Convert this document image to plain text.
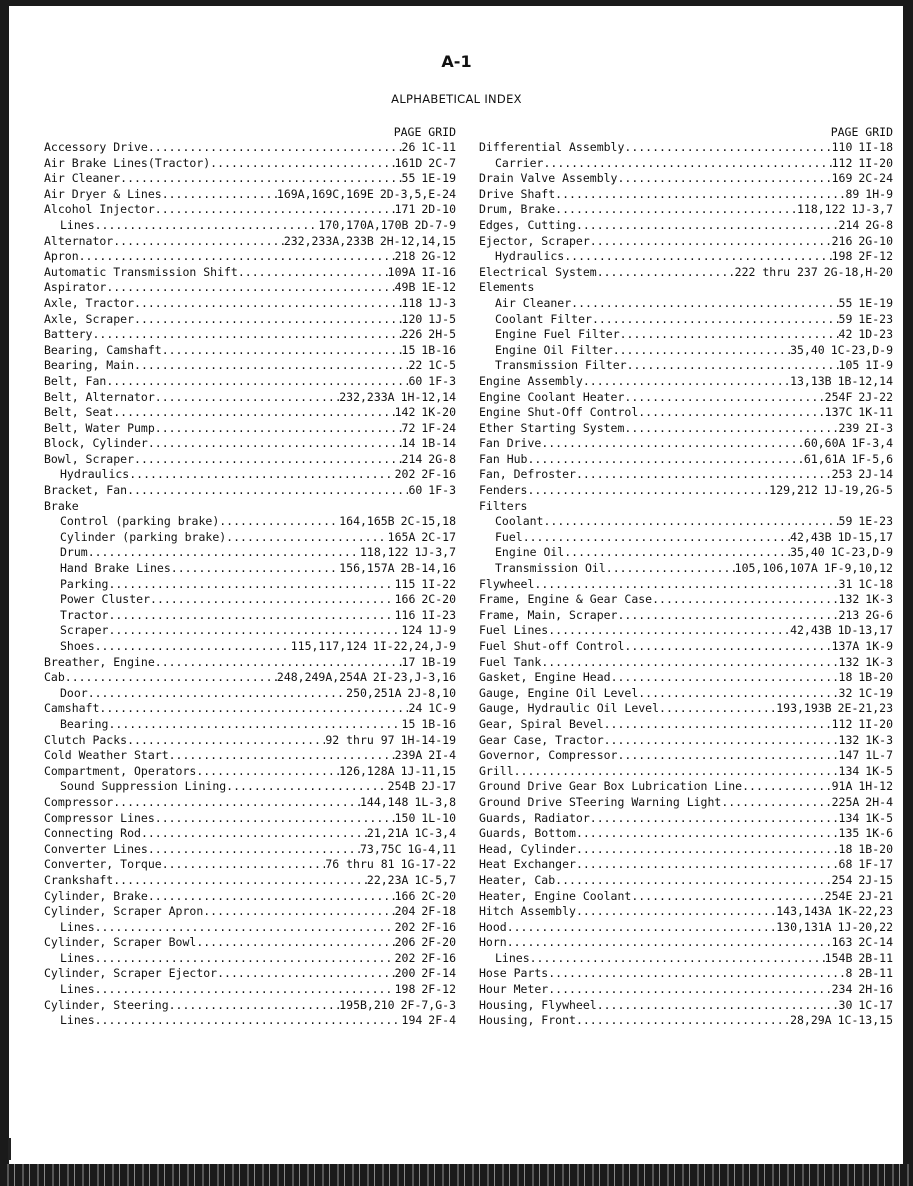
A-1
ALPHABETICAL INDEX
PAGE GRID
Accessory Drive .....	26 1C-11
Air Brake Lines(Tractor) .....	161D 2C-7
Air Cleaner .....	55 1E-19
Air Dryer & Lines .....	169A,169C,169E 2D-3,5,E-24
Alcohol Injector .....	171 2D-10
Lines .....	170,170A,170B 2D-7-9
Alternator .....	232,233A,233B 2H-12,14,15
Apron .....	218 2G-12
Automatic Transmission Shift .....	109A 1I-16
Aspirator .....	49B 1E-12
Axle, Tractor .....	118 1J-3
Axle, Scraper .....	120 1J-5
Battery .....	226 2H-5
Bearing, Camshaft .....	15 1B-16
Bearing, Main .....	22 1C-5
Belt, Fan .....	60 1F-3
Belt, Alternator .....	232,233A 1H-12,14
Belt, Seat .....	142 1K-20
Belt, Water Pump .....	72 1F-24
Block, Cylinder .....	14 1B-14
Bowl, Scraper .....	214 2G-8
Hydraulics .....	202 2F-16
Bracket, Fan .....	60 1F-3
Brake
Control (parking brake) .....	164,165B 2C-15,18
Cylinder (parking brake) .....	165A 2C-17
Drum .....	118,122 1J-3,7
Hand Brake Lines .....	156,157A 2B-14,16
Parking .....	115 1I-22
Power Cluster .....	166 2C-20
Tractor .....	116 1I-23
Scraper .....	124 1J-9
Shoes .....	115,117,124 1I-22,24,J-9
Breather, Engine .....	17 1B-19
Cab .....	248,249A,254A 2I-23,J-3,16
Door .....	250,251A 2J-8,10
Camshaft .....	24 1C-9
Bearing .....	15 1B-16
Clutch Packs .....	92 thru 97 1H-14-19
Cold Weather Start .....	239A 2I-4
Compartment, Operators .....	126,128A 1J-11,15
Sound Suppression Lining .....	254B 2J-17
Compressor .....	144,148 1L-3,8
Compressor Lines .....	150 1L-10
Connecting Rod .....	21,21A 1C-3,4
Converter Lines .....	73,75C 1G-4,11
Converter, Torque .....	76 thru 81 1G-17-22
Crankshaft .....	22,23A 1C-5,7
Cylinder, Brake .....	166 2C-20
Cylinder, Scraper Apron .....	204 2F-18
Lines .....	202 2F-16
Cylinder, Scraper Bowl .....	206 2F-20
Lines .....	202 2F-16
Cylinder, Scraper Ejector .....	200 2F-14
Lines .....	198 2F-12
Cylinder, Steering .....	195B,210 2F-7,G-3
Lines .....	194 2F-4
PAGE GRID
Differential Assembly .....	110 1I-18
Carrier .....	112 1I-20
Drain Valve Assembly .....	169 2C-24
Drive Shaft .....	89 1H-9
Drum, Brake .....	118,122 1J-3,7
Edges, Cutting .....	214 2G-8
Ejector, Scraper .....	216 2G-10
Hydraulics .....	198 2F-12
Electrical System .....	222 thru 237 2G-18,H-20
Elements
Air Cleaner .....	55 1E-19
Coolant Filter .....	59 1E-23
Engine Fuel Filter .....	42 1D-23
Engine Oil Filter .....	35,40 1C-23,D-9
Transmission Filter .....	105 1I-9
Engine Assembly .....	13,13B 1B-12,14
Engine Coolant Heater .....	254F 2J-22
Engine Shut-Off Control .....	137C 1K-11
Ether Starting System .....	239 2I-3
Fan Drive .....	60,60A 1F-3,4
Fan Hub .....	61,61A 1F-5,6
Fan, Defroster .....	253 2J-14
Fenders .....	129,212 1J-19,2G-5
Filters
Coolant .....	59 1E-23
Fuel .....	42,43B 1D-15,17
Engine Oil .....	35,40 1C-23,D-9
Transmission Oil .....	105,106,107A 1F-9,10,12
Flywheel .....	31 1C-18
Frame, Engine & Gear Case .....	132 1K-3
Frame, Main, Scraper .....	213 2G-6
Fuel Lines .....	42,43B 1D-13,17
Fuel Shut-off Control .....	137A 1K-9
Fuel Tank .....	132 1K-3
Gasket, Engine Head .....	18 1B-20
Gauge, Engine Oil Level .....	32 1C-19
Gauge, Hydraulic Oil Level .....	193,193B 2E-21,23
Gear, Spiral Bevel .....	112 1I-20
Gear Case, Tractor .....	132 1K-3
Governor, Compressor .....	147 1L-7
Grill .....	134 1K-5
Ground Drive Gear Box Lubrication Line .....	91A 1H-12
Ground Drive STeering Warning Light .....	225A 2H-4
Guards, Radiator .....	134 1K-5
Guards, Bottom .....	135 1K-6
Head, Cylinder .....	18 1B-20
Heat Exchanger .....	68 1F-17
Heater, Cab .....	254 2J-15
Heater, Engine Coolant .....	254E 2J-21
Hitch Assembly .....	143,143A 1K-22,23
Hood .....	130,131A 1J-20,22
Horn .....	163 2C-14
Lines .....	154B 2B-11
Hose Parts .....	8 2B-11
Hour Meter .....	234 2H-16
Housing, Flywheel .....	30 1C-17
Housing, Front .....	28,29A 1C-13,15
